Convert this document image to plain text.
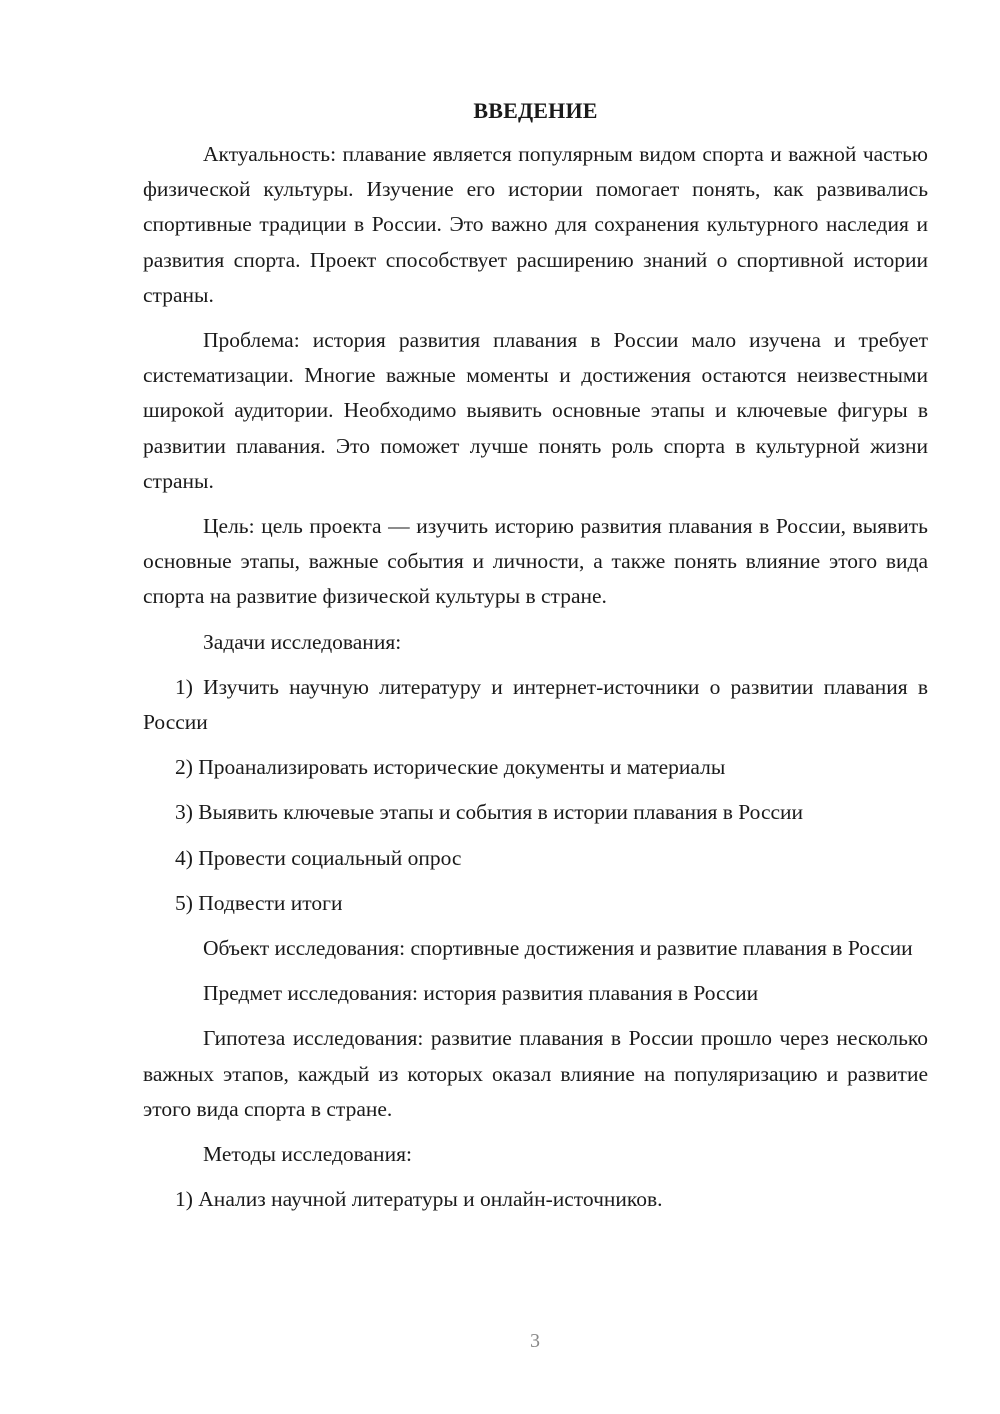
ВВЕДЕНИЕ

Актуальность: плавание является популярным видом спорта и важной частью физической культуры. Изучение его истории помогает понять, как развивались спортивные традиции в России. Это важно для сохранения культурного наследия и развития спорта. Проект способствует расширению знаний о спортивной истории страны.

Проблема: история развития плавания в России мало изучена и требует систематизации. Многие важные моменты и достижения остаются неизвестными широкой аудитории. Необходимо выявить основные этапы и ключевые фигуры в развитии плавания. Это поможет лучше понять роль спорта в культурной жизни страны.

Цель: цель проекта — изучить историю развития плавания в России, выявить основные этапы, важные события и личности, а также понять влияние этого вида спорта на развитие физической культуры в стране.

Задачи исследования:

1) Изучить научную литературу и интернет-источники о развитии плавания в России

2) Проанализировать исторические документы и материалы

3) Выявить ключевые этапы и события в истории плавания в России

4) Провести социальный опрос

5) Подвести итоги

Объект исследования: спортивные достижения и развитие плавания в России

Предмет исследования: история развития плавания в России

Гипотеза исследования: развитие плавания в России прошло через несколько важных этапов, каждый из которых оказал влияние на популяризацию и развитие этого вида спорта в стране.

Методы исследования:

1) Анализ научной литературы и онлайн-источников.

3
